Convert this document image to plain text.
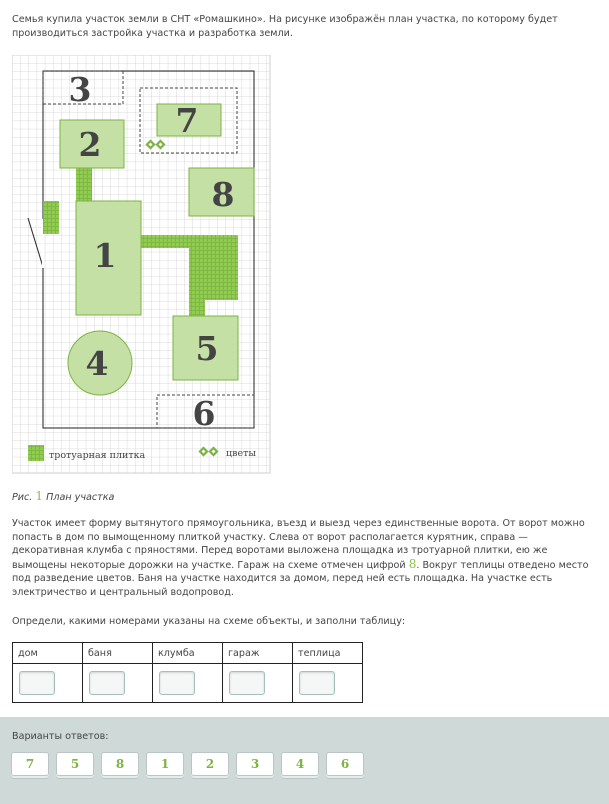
Семья купила участок земли в СНТ «Ромашкино». На рисунке изображён план участка, по которому будет производиться застройка участка и разработка земли.

3
2
7
8
1
5
4
6
тротуарная плитка	цветы

Рис. 1 План участка

Участок имеет форму вытянутого прямоугольника, въезд и выезд через единственные ворота. От ворот можно попасть в дом по вымощенному плиткой участку. Слева от ворот располагается курятник, справа — декоративная клумба с пряностями. Перед воротами выложена площадка из тротуарной плитки, ею же вымощены некоторые дорожки на участке. Гараж на схеме отмечен цифрой 8. Вокруг теплицы отведено место под разведение цветов. Баня на участке находится за домом, перед ней есть площадка. На участке есть электричество и центральный водопровод.

Определи, какими номерами указаны на схеме объекты, и заполни таблицу:

дом	баня	клумба	гараж	теплица

Варианты ответов:

7	5	8	1	2	3	4	6
